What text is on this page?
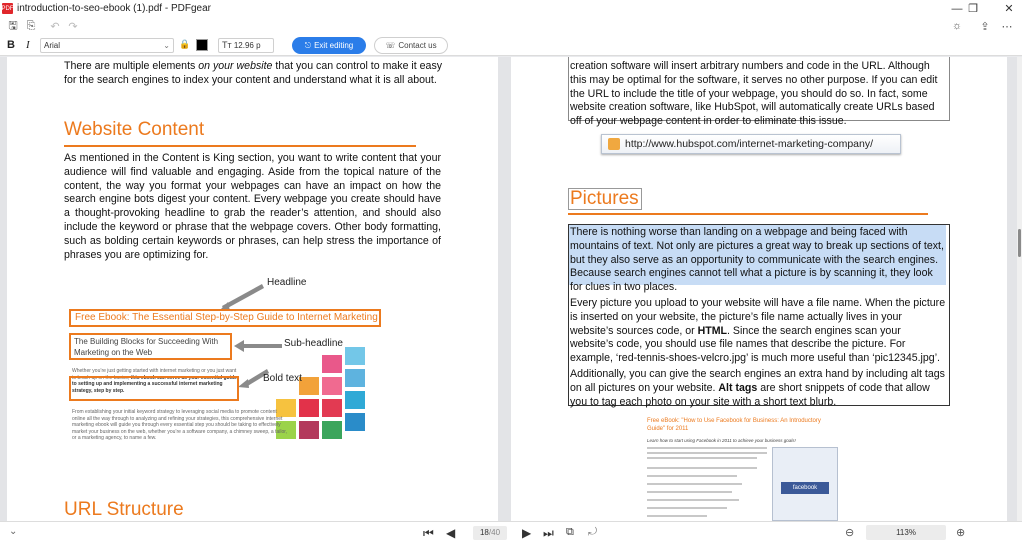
PDF introduction-to-seo-ebook (1).pdf - PDFgear	— ❐	✕
🖫 ⎘ ↶ ↷	☼ ⇪ ⋯
B I	Arial	⌄ 🔒	Tт 12.96 p	⎋ Exit editing	☏ Contact us
There are multiple elements on your website that you can control to make it easy
for the search engines to index your content and understand what it is all about.
Website Content
As mentioned in the Content is King section, you want to write content that your audience will find valuable and engaging. Aside from the topical nature of the content, the way you format your webpages can have an impact on how the search engine bots digest your content. Every webpage you create should have a thought-provoking headline to grab the reader’s attention, and should also include the keyword or phrase that the webpage covers. Other body formatting, such as bolding certain keywords or phrases, can help stress the importance of phrases you are optimizing for.
Headline
Sub-headline
Bold text
Free Ebook: The Essential Step-by-Step Guide to Internet Marketing
The Building Blocks for Succeeding With Marketing on the Web
Whether you’re just getting started with internet marketing or you just want to brush up on the basics, this ebook can serve as your essential guide to setting up and implementing a successful internet marketing strategy, step by step.
From establishing your initial keyword strategy to leveraging social media to promote content online all the way through to analyzing and refining your strategies, this comprehensive internet marketing ebook will guide you through every essential step you should be taking to effectively market your business on the web, whether you’re a software company, a chimney sweep, a tailor, or a marketing agency, to name a few.
URL Structure
creation software will insert arbitrary numbers and code in the URL. Although this may be optimal for the software, it serves no other purpose. If you can edit the URL to include the title of your webpage, you should do so. In fact, some website creation software, like HubSpot, will automatically create URLs based off of your webpage content in order to eliminate this issue.
http://www.hubspot.com/internet-marketing-company/
Pictures
There is nothing worse than landing on a webpage and being faced with mountains of text. Not only are pictures a great way to break up sections of text, but they also serve as an opportunity to communicate with the search engines. Because search engines cannot tell what a picture is by scanning it, they look for clues in two places.
Every picture you upload to your website will have a file name. When the picture is inserted on your website, the picture’s file name actually lives in your website’s sources code, or HTML. Since the search engines scan your website’s code, you should use file names that describe the picture. For example, ‘red-tennis-shoes-velcro.jpg’ is much more useful than ‘pic12345.jpg’.
Additionally, you can give the search engines an extra hand by including alt tags on all pictures on your website. Alt tags are short snippets of code that allow you to tag each photo on your site with a short text blurb.
Free eBook: "How to Use Facebook for Business: An Introductory Guide" for 2011
Learn how to start using Facebook in 2011 to achieve your business goals!
facebook
⌄	⏮ ◀	18/40	▶ ⏭ ⧉ ⤾	⊖	113%	⊕
